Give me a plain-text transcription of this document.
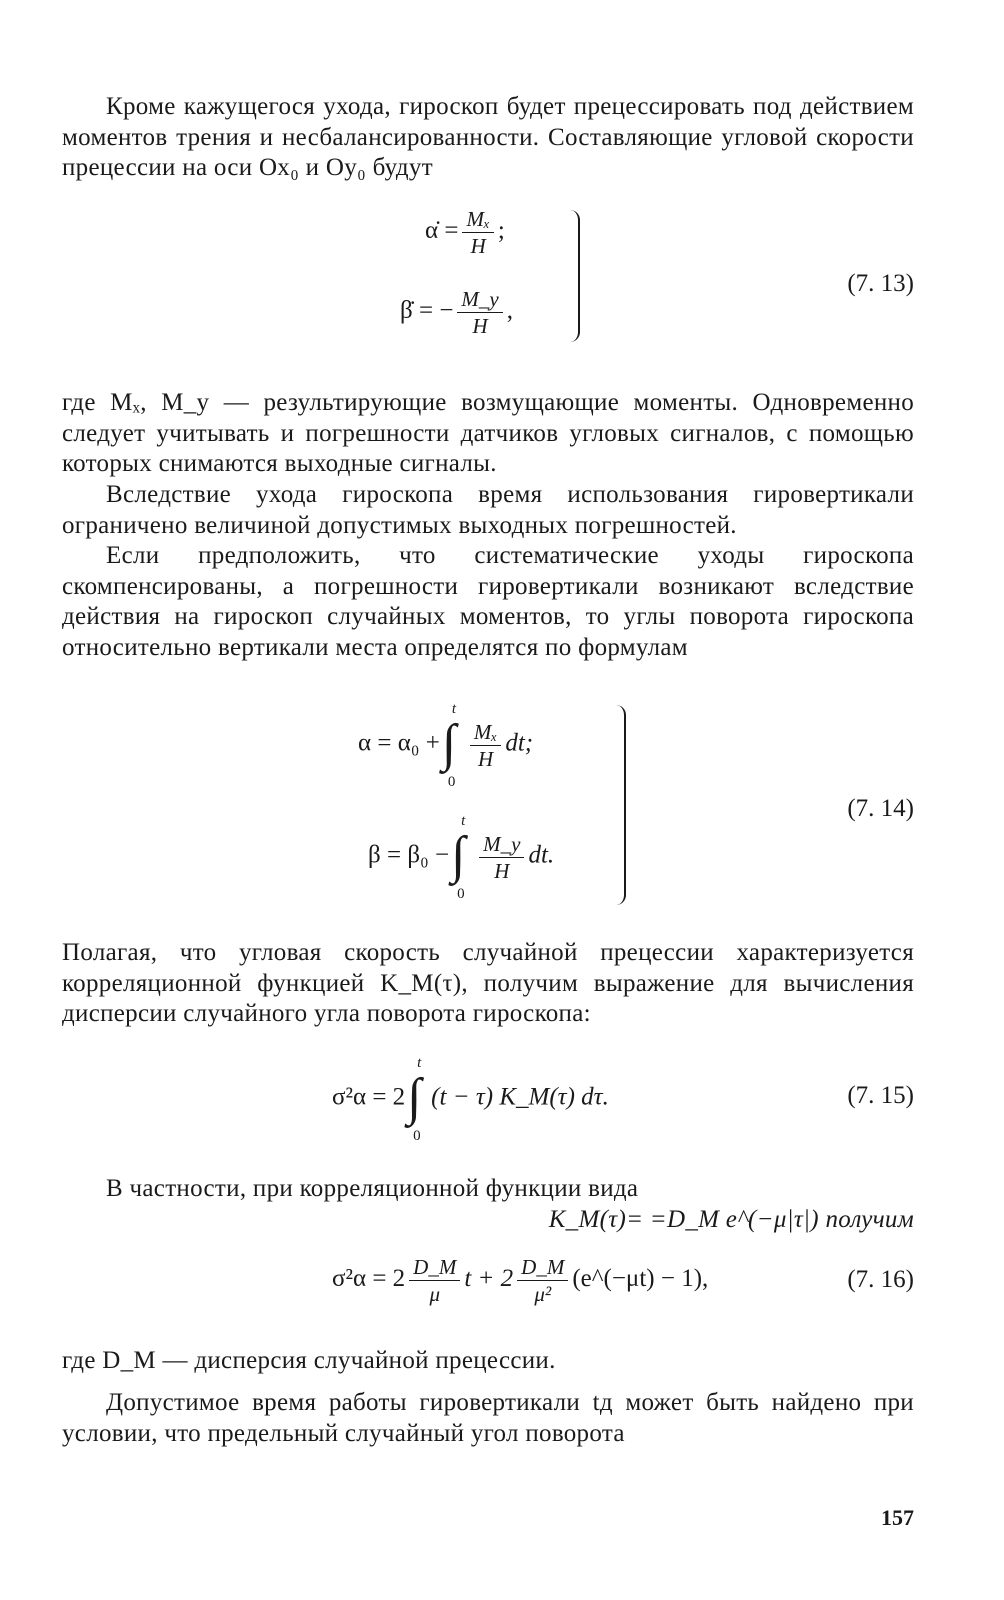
Кроме кажущегося ухода, гироскоп будет прецессировать под действием моментов трения и несбалансированности. Составляющие угловой скорости прецессии на оси Ox₀ и Oy₀ будут
α̇ = $\frac{\text{Mₓ}}{H}$ ;
β̇ = − $\frac{M\_y}{H}$ ,
(7. 13)
где Mₓ, M_y — результирующие возмущающие моменты. Одновременно следует учитывать и погрешности датчиков угловых сигналов, с помощью которых снимаются выходные сигналы.
Вследствие ухода гироскопа время использования гировертикали ограничено величиной допустимых выходных погрешностей.
Если предположить, что систематические уходы гироскопа скомпенсированы, а погрешности гировертикали возникают вследствие действия на гироскоп случайных моментов, то углы поворота гироскопа относительно вертикали места определятся по формулам
α = α₀ + ∫
t
0
$\frac{\text{Mₓ}}{H}$ dt;
β = β₀ − ∫
t
0
$\frac{M\_y}{H}$ dt.
(7. 14)
Полагая, что угловая скорость случайной прецессии характеризуется корреляционной функцией K_M(τ), получим выражение для вычисления дисперсии случайного угла поворота гироскопа:
σ²α = 2 ∫
t
0
(t − τ) K_M(τ) dτ.	(7. 15)
В частности, при корреляционной функции вида
K_M(τ)= =D_M e^(−μ|τ|) получим
$\sigma^2\alpha = 2 \frac{D\_M}{\mu}$ $t + 2 \frac{D\_M}{\text{μ²}}$ (e^(−μt) − 1),	(7. 16)
где D_M — дисперсия случайной прецессии.
Допустимое время работы гировертикали tд может быть найдено при условии, что предельный случайный угол поворота
157
